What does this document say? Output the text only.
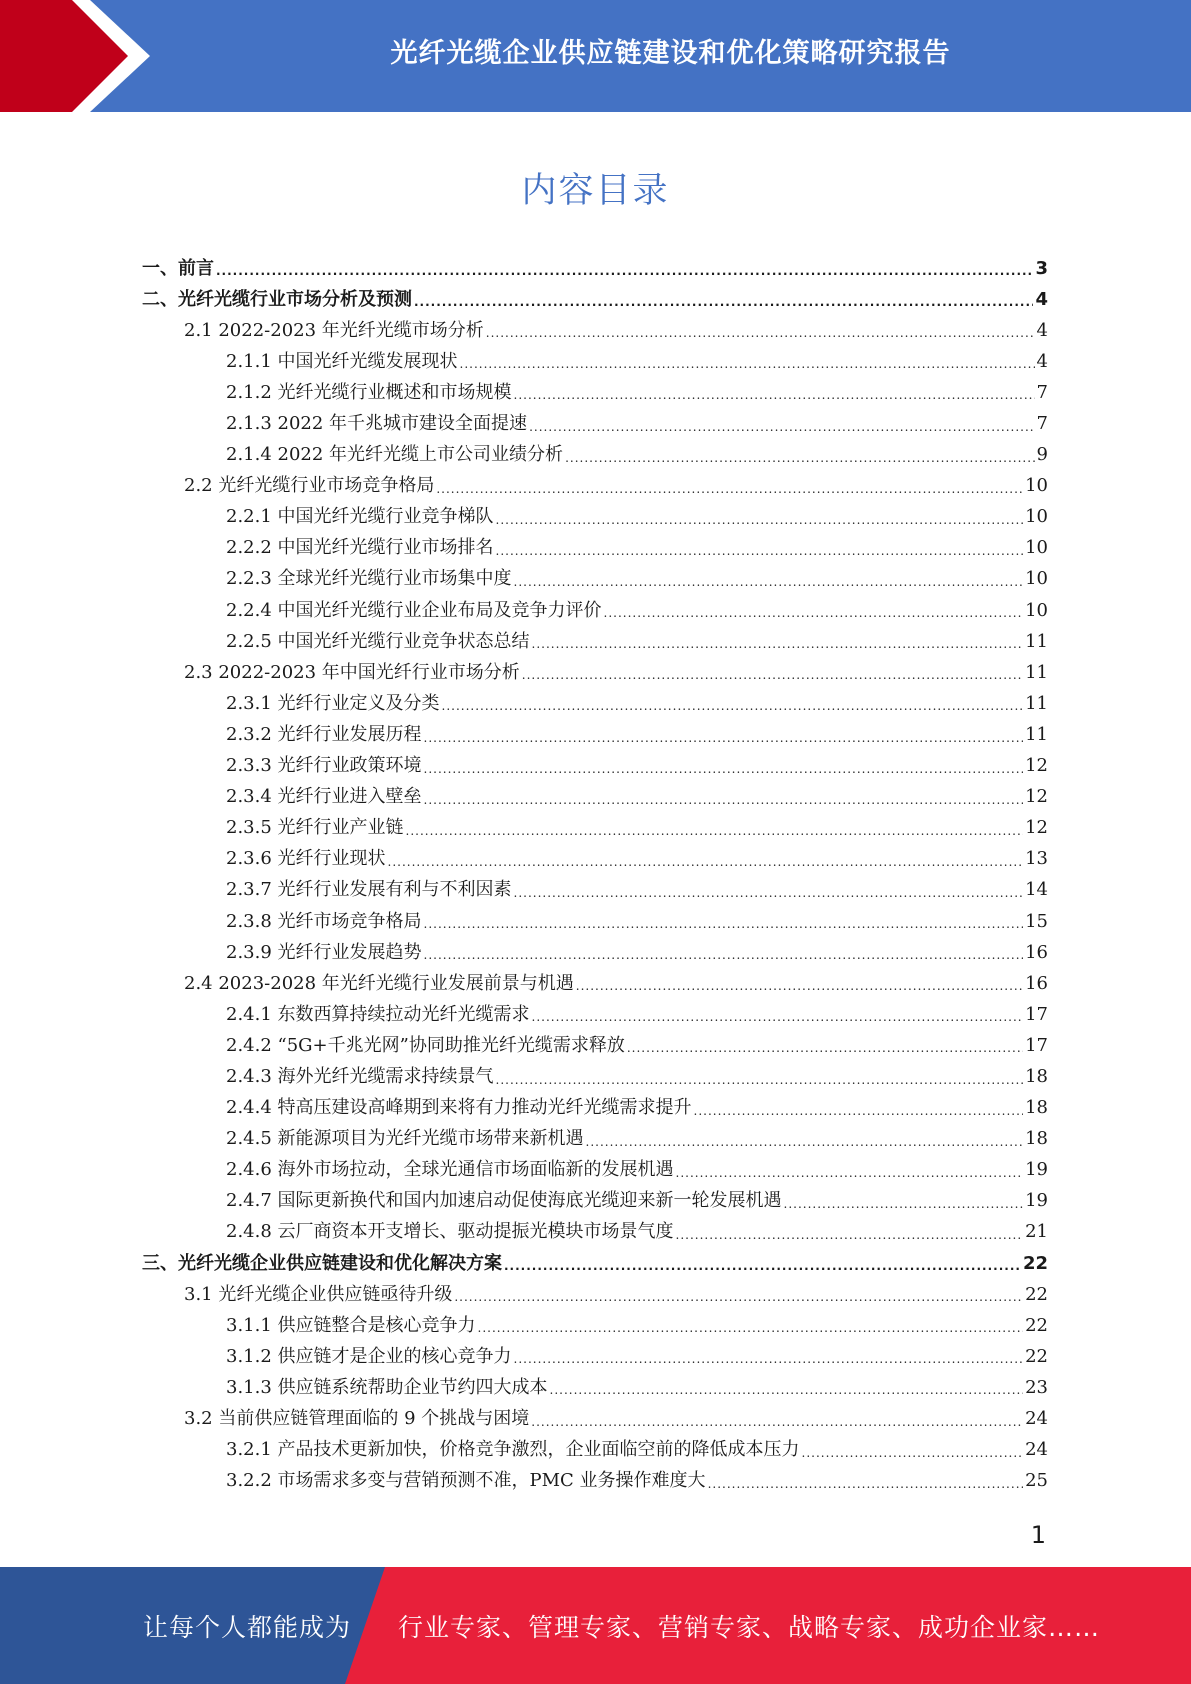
光纤光缆企业供应链建设和优化策略研究报告
内容目录
一、前言 .....	3
二、光纤光缆行业市场分析及预测 .....	4
2.1 2022-2023 年光纤光缆市场分析 .....	4
2.1.1 中国光纤光缆发展现状 .....	4
2.1.2 光纤光缆行业概述和市场规模 .....	7
2.1.3 2022 年千兆城市建设全面提速 .....	7
2.1.4 2022 年光纤光缆上市公司业绩分析 .....	9
2.2 光纤光缆行业市场竞争格局 .....	10
2.2.1 中国光纤光缆行业竞争梯队 .....	10
2.2.2 中国光纤光缆行业市场排名 .....	10
2.2.3 全球光纤光缆行业市场集中度 .....	10
2.2.4 中国光纤光缆行业企业布局及竞争力评价 .....	10
2.2.5 中国光纤光缆行业竞争状态总结 .....	11
2.3 2022-2023 年中国光纤行业市场分析 .....	11
2.3.1 光纤行业定义及分类 .....	11
2.3.2 光纤行业发展历程 .....	11
2.3.3 光纤行业政策环境 .....	12
2.3.4 光纤行业进入壁垒 .....	12
2.3.5 光纤行业产业链 .....	12
2.3.6 光纤行业现状 .....	13
2.3.7 光纤行业发展有利与不利因素 .....	14
2.3.8 光纤市场竞争格局 .....	15
2.3.9 光纤行业发展趋势 .....	16
2.4 2023-2028 年光纤光缆行业发展前景与机遇 .....	16
2.4.1 东数西算持续拉动光纤光缆需求 .....	17
2.4.2 “5G+千兆光网”协同助推光纤光缆需求释放 .....	17
2.4.3 海外光纤光缆需求持续景气 .....	18
2.4.4 特高压建设高峰期到来将有力推动光纤光缆需求提升 .....	18
2.4.5 新能源项目为光纤光缆市场带来新机遇 .....	18
2.4.6 海外市场拉动，全球光通信市场面临新的发展机遇 .....	19
2.4.7 国际更新换代和国内加速启动促使海底光缆迎来新一轮发展机遇 .....	19
2.4.8 云厂商资本开支增长、驱动提振光模块市场景气度 .....	21
三、光纤光缆企业供应链建设和优化解决方案 .....	22
3.1 光纤光缆企业供应链亟待升级 .....	22
3.1.1 供应链整合是核心竞争力 .....	22
3.1.2 供应链才是企业的核心竞争力 .....	22
3.1.3 供应链系统帮助企业节约四大成本 .....	23
3.2 当前供应链管理面临的 9 个挑战与困境 .....	24
3.2.1 产品技术更新加快，价格竞争激烈，企业面临空前的降低成本压力 .....	24
3.2.2 市场需求多变与营销预测不准，PMC 业务操作难度大 .....	25
1
让每个人都能成为 行业专家、管理专家、营销专家、战略专家、成功企业家……
